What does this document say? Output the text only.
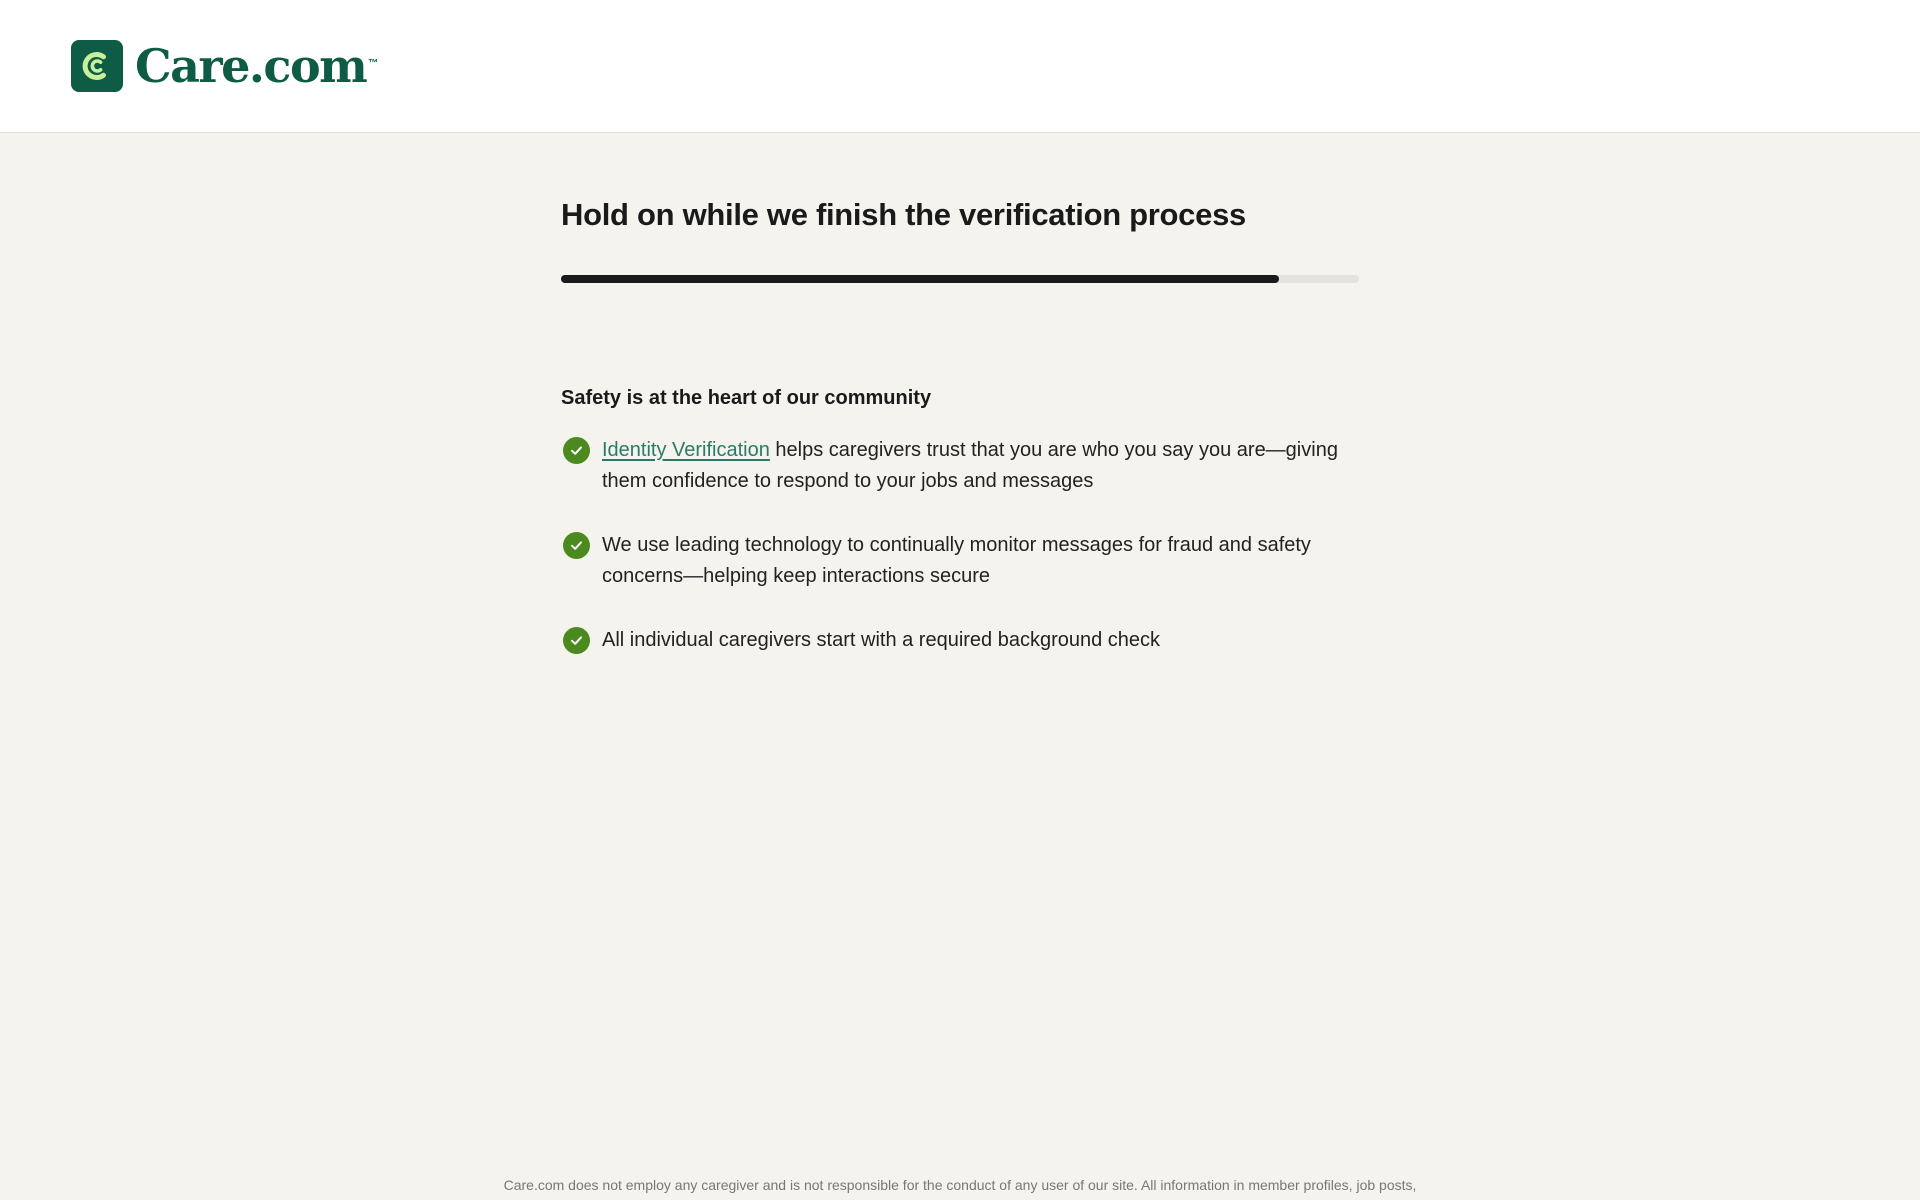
Care.com ™
Hold on while we finish the verification process
Safety is at the heart of our community

Identity Verification helps caregivers trust that you are who you say you are—giving them confidence to respond to your jobs and messages

We use leading technology to continually monitor messages for fraud and safety concerns—helping keep interactions secure

All individual caregivers start with a required background check

Care.com does not employ any caregiver and is not responsible for the conduct of any user of our site. All information in member profiles, job posts,
